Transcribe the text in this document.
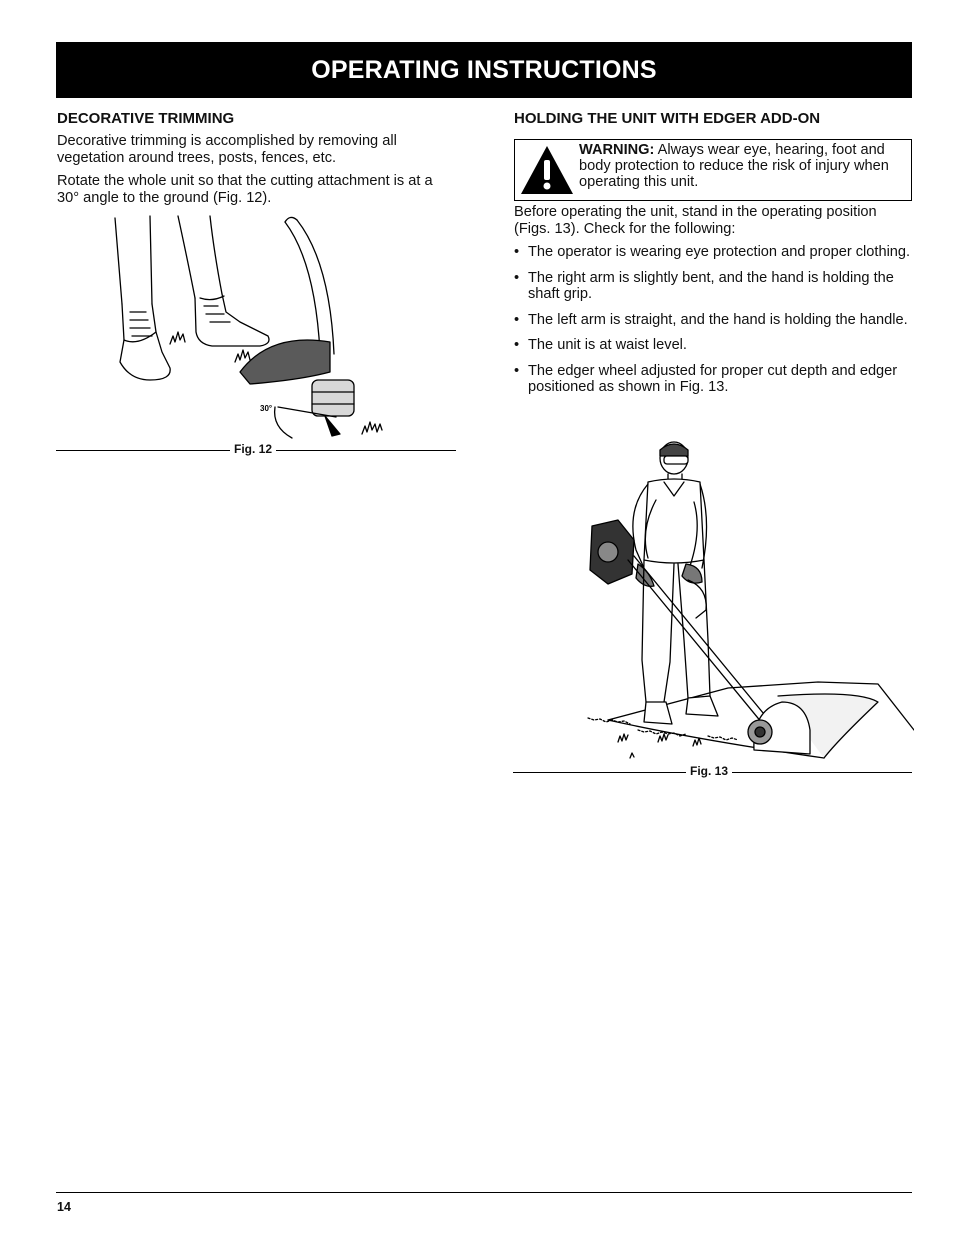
OPERATING INSTRUCTIONS
DECORATIVE TRIMMING

Decorative trimming is accomplished by removing all vegetation around trees, posts, fences, etc.

Rotate the whole unit so that the cutting attachment is at a 30° angle to the ground (Fig. 12).

30°
Fig. 12
HOLDING THE UNIT WITH EDGER ADD-ON
WARNING: Always wear eye, hearing, foot and body protection to reduce the risk of injury when operating this unit.

Before operating the unit, stand in the operating position (Figs. 13). Check for the following:

• The operator is wearing eye protection and proper clothing.
• The right arm is slightly bent, and the hand is holding the shaft grip.
• The left arm is straight, and the hand is holding the handle.
• The unit is at waist level.
• The edger wheel adjusted for proper cut depth and edger positioned as shown in Fig. 13.
Fig. 13
14
